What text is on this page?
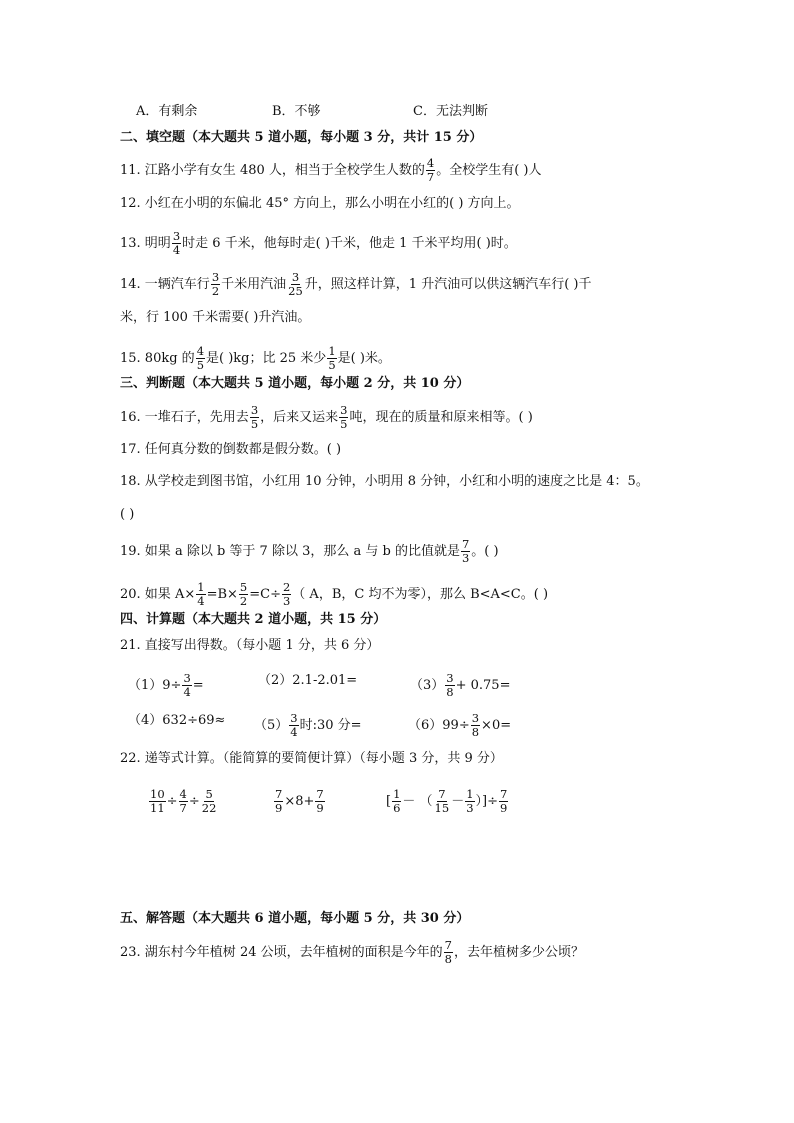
A．有剩余	B．不够	C．无法判断
二、填空题（本大题共 5 道小题，每小题 3 分，共计 15 分）
11. 江路小学有女生 480 人，相当于全校学生人数的 $\frac{4}{7}$ 。全校学生有( )人
12. 小红在小明的东偏北 45° 方向上，那么小明在小红的( ) 方向上。
13. 明明 $\frac{3}{4}$ 时走 6 千米，他每时走( )千米，他走 1 千米平均用( )时。
14. 一辆汽车行 $\frac{3}{2}$ 千米用汽油 $\frac{3}{25}$ 升，照这样计算，1 升汽油可以供这辆汽车行( )千
米，行 100 千米需要( )升汽油。
15. 80kg 的 $\frac{4}{5}$ 是( )kg；比 25 米少 $\frac{1}{5}$ 是( )米。
三、判断题（本大题共 5 道小题，每小题 2 分，共 10 分）
16. 一堆石子，先用去 $\frac{3}{5}$ ，后来又运来 $\frac{3}{5}$ 吨，现在的质量和原来相等。( )
17. 任何真分数的倒数都是假分数。( )
18. 从学校走到图书馆，小红用 10 分钟，小明用 8 分钟，小红和小明的速度之比是 4：5。
( )
19. 如果 a 除以 b 等于 7 除以 3，那么 a 与 b 的比值就是 $\frac{7}{3}$ 。( )
20. 如果 $A\times \frac{1}{4} =B\times \frac{5}{2} =C\div \frac{2}{3}$ （ A，B，C 均不为零），那么 B<A<C。( )
四、计算题（本大题共 2 道小题，共 15 分）
21. 直接写出得数。（每小题 1 分，共 6 分）
$(1)9\div \frac{3}{4}$ =	（2）2.1-2.01=	$(3) \frac{3}{8} + 0.75=$
$(4)632\div 69\approx (5) \frac{3}{4}$ 时:30 分=	$(6)99\div \frac{3}{8} \times 0=$
22. 递等式计算。（能简算的要简便计算）（每小题 3 分，共 9 分）
$\frac{10}{11} \div \frac{4}{7} \div \frac{5}{22}$	$\frac{7}{9} \times 8+ \frac{7}{9}$	[ $\frac{1}{6}$ － （ $\frac{7}{15} - \frac{1}{3}$ ）]÷ $\frac{7}{9}$
五、解答题（本大题共 6 道小题，每小题 5 分，共 30 分）
23. 湖东村今年植树 24 公顷，去年植树的面积是今年的 $\frac{7}{8}$ ，去年植树多少公顷？
